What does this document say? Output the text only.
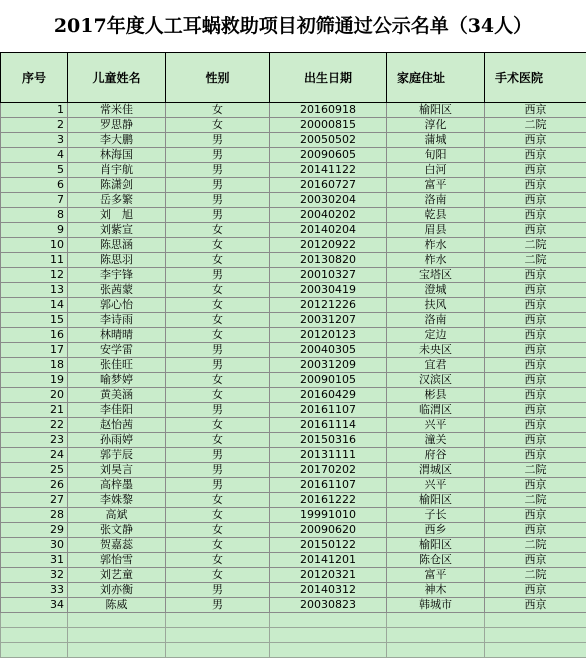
2017年度人工耳蜗救助项目初筛通过公示名单（34人）
序号	儿童姓名	性别	出生日期	家庭住址	手术医院
1	常米佳	女	20160918	榆阳区	西京
2	罗思静	女	20000815	淳化	二院
3	李大鹏	男	20050502	蒲城	西京
4	林海国	男	20090605	旬阳	西京
5	肖宇航	男	20141122	白河	西京
6	陈潇剑	男	20160727	富平	西京
7	岳多繁	男	20030204	洛南	西京
8	刘　旭	男	20040202	乾县	西京
9	刘紫宣	女	20140204	眉县	西京
10	陈思涵	女	20120922	柞水	二院
11	陈思羽	女	20130820	柞水	二院
12	李宇锋	男	20010327	宝塔区	西京
13	张茜蒙	女	20030419	澄城	西京
14	郭心怡	女	20121226	扶风	西京
15	李诗雨	女	20031207	洛南	西京
16	林晴晴	女	20120123	定边	西京
17	安学雷	男	20040305	未央区	西京
18	张佳旺	男	20031209	宜君	西京
19	喻梦婷	女	20090105	汉滨区	西京
20	黄美涵	女	20160429	彬县	西京
21	李佳阳	男	20161107	临渭区	西京
22	赵怡茜	女	20161114	兴平	西京
23	孙雨婷	女	20150316	潼关	西京
24	郭芋辰	男	20131111	府谷	西京
25	刘昊言	男	20170202	渭城区	二院
26	高梓墨	男	20161107	兴平	西京
27	李姝黎	女	20161222	榆阳区	二院
28	高斌	女	19991010	子长	西京
29	张文静	女	20090620	西乡	西京
30	贺嘉蕊	女	20150122	榆阳区	二院
31	郭怡雪	女	20141201	陈仓区	西京
32	刘艺童	女	20120321	富平	二院
33	刘亦衡	男	20140312	神木	西京
34	陈威	男	20030823	韩城市	西京
